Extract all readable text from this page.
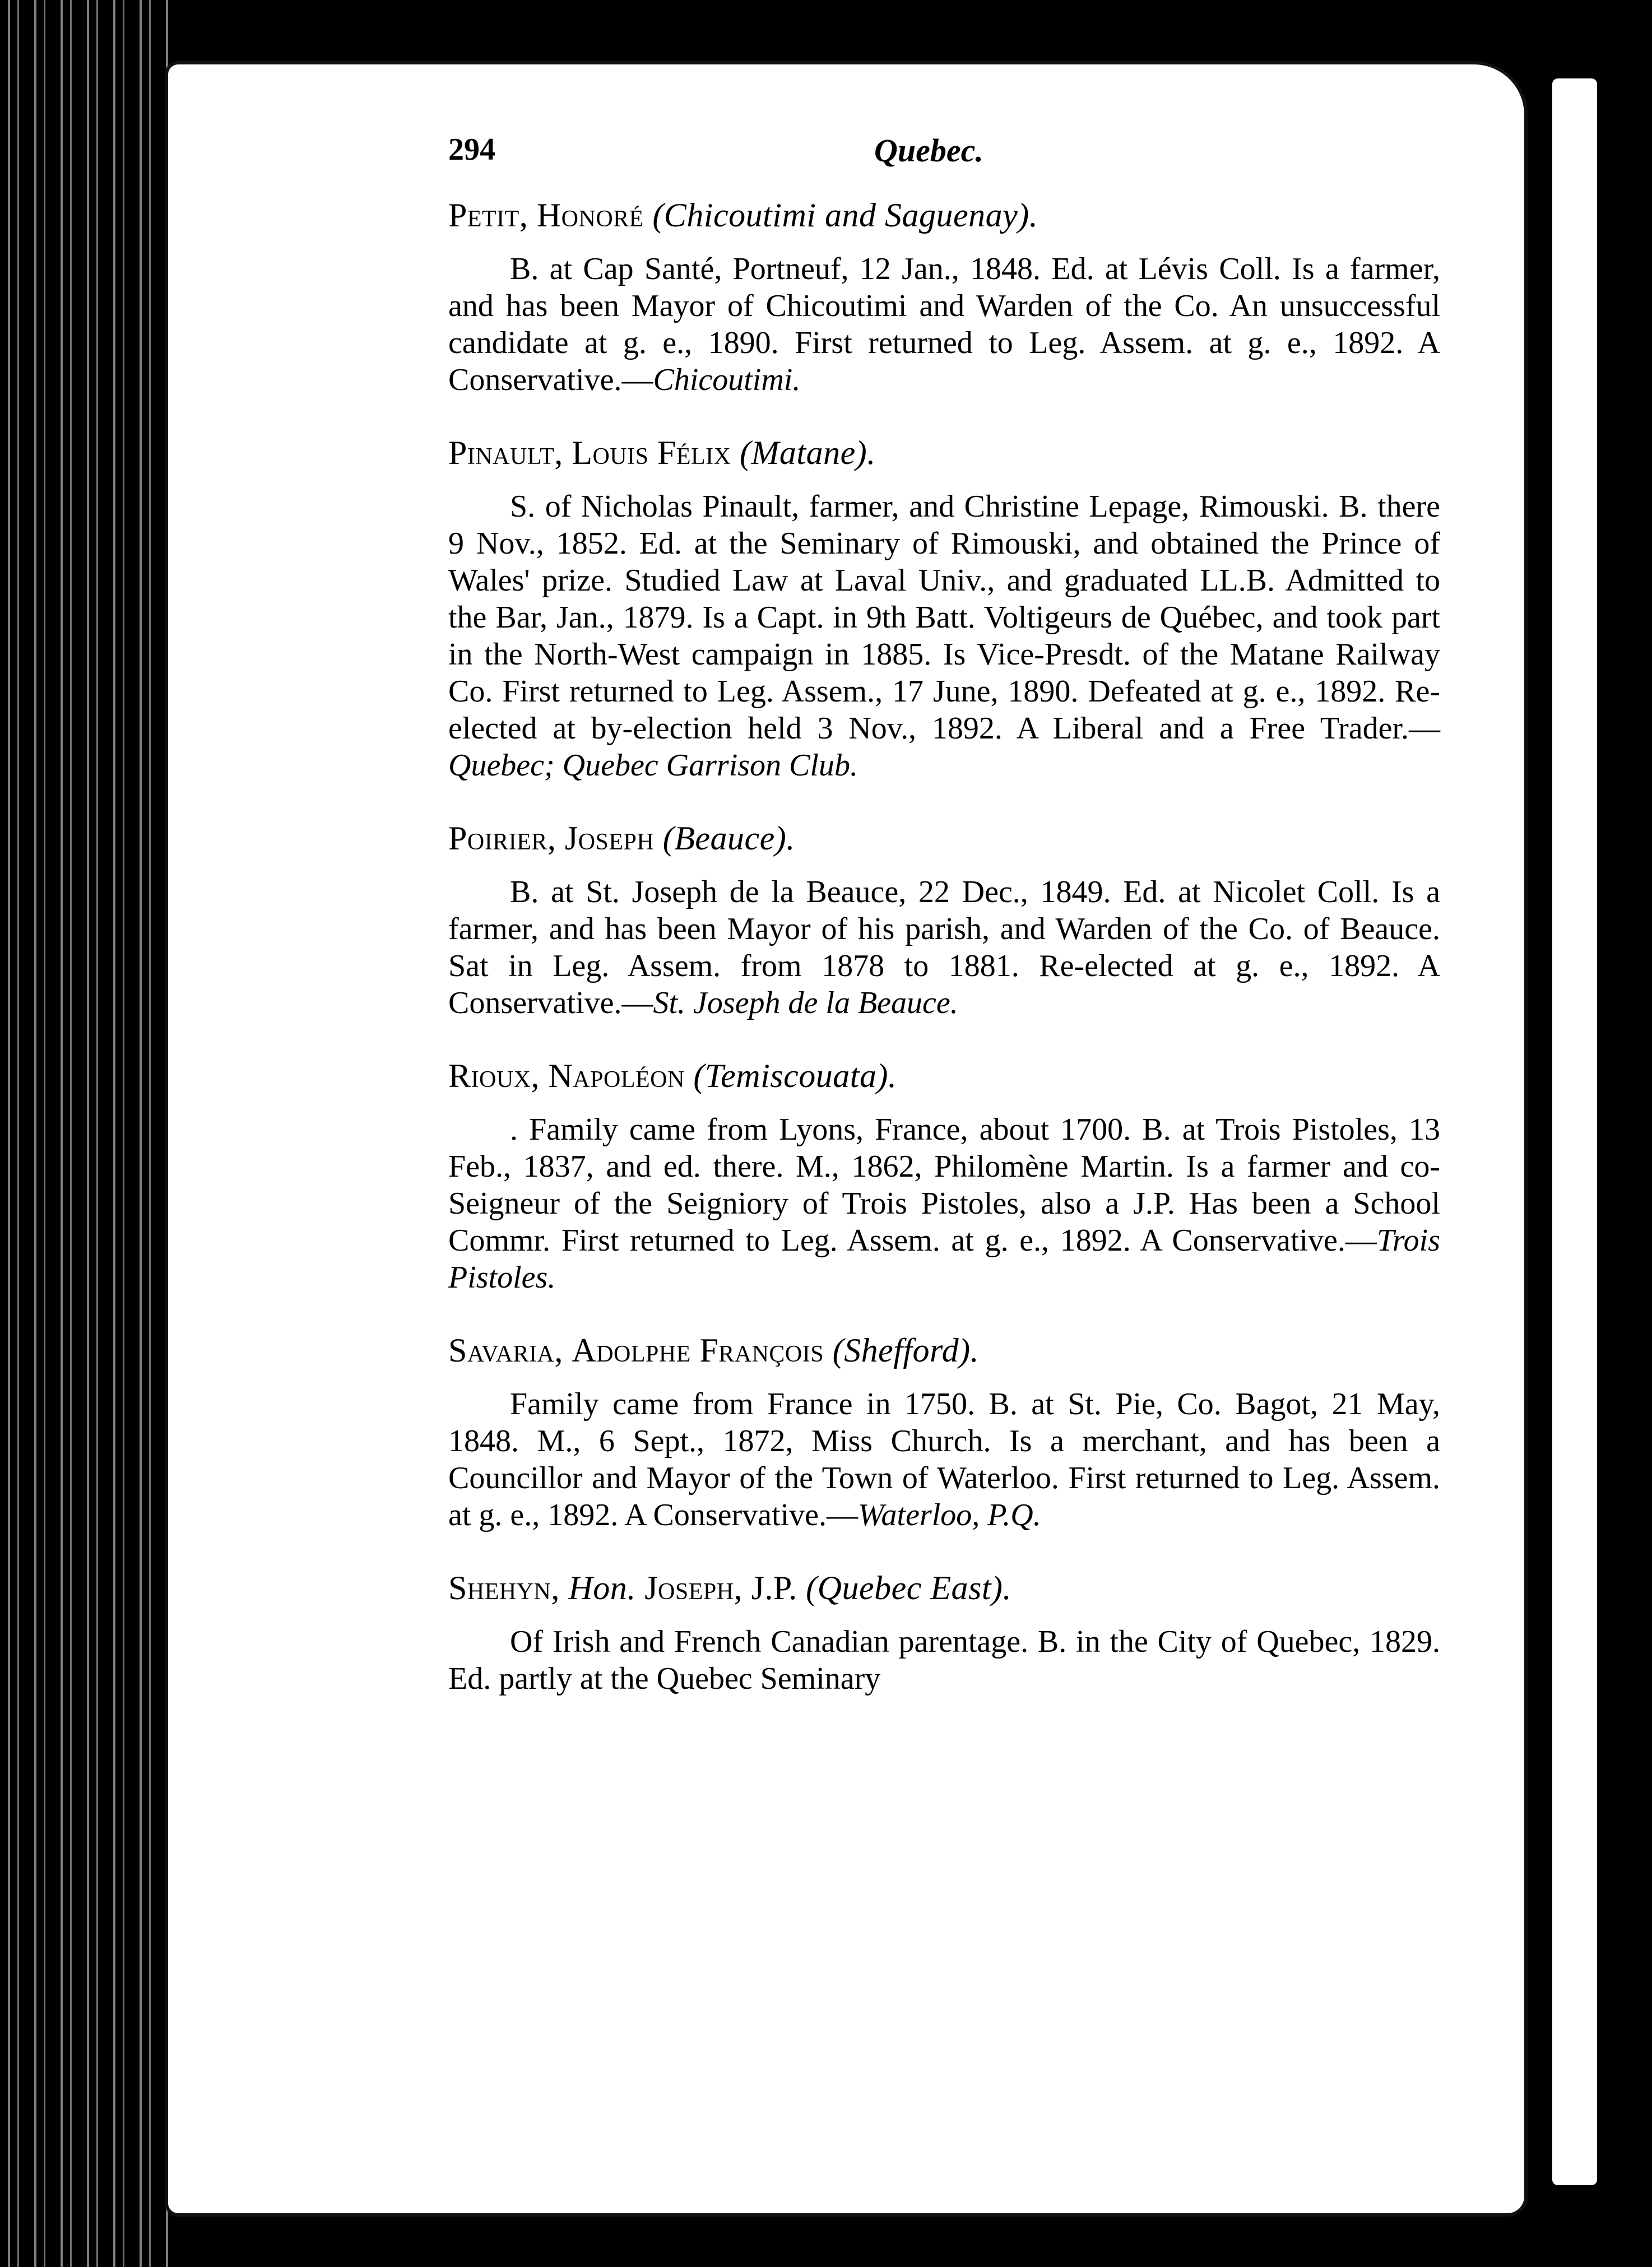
294	Quebec.
Petit, Honoré (Chicoutimi and Saguenay).
B. at Cap Santé, Portneuf, 12 Jan., 1848. Ed. at Lévis Coll. Is a farmer, and has been Mayor of Chicoutimi and Warden of the Co. An unsuccessful candidate at g. e., 1890. First returned to Leg. Assem. at g. e., 1892. A Conservative.—Chicoutimi.
Pinault, Louis Félix (Matane).
S. of Nicholas Pinault, farmer, and Christine Lepage, Rimouski. B. there 9 Nov., 1852. Ed. at the Seminary of Rimouski, and obtained the Prince of Wales' prize. Studied Law at Laval Univ., and graduated LL.B. Admitted to the Bar, Jan., 1879. Is a Capt. in 9th Batt. Voltigeurs de Québec, and took part in the North-West campaign in 1885. Is Vice-Presdt. of the Matane Railway Co. First returned to Leg. Assem., 17 June, 1890. Defeated at g. e., 1892. Re-elected at by-election held 3 Nov., 1892. A Liberal and a Free Trader.—Quebec; Quebec Garrison Club.
Poirier, Joseph (Beauce).
B. at St. Joseph de la Beauce, 22 Dec., 1849. Ed. at Nicolet Coll. Is a farmer, and has been Mayor of his parish, and Warden of the Co. of Beauce. Sat in Leg. Assem. from 1878 to 1881. Re-elected at g. e., 1892. A Conservative.—St. Joseph de la Beauce.
Rioux, Napoléon (Temiscouata).
. Family came from Lyons, France, about 1700. B. at Trois Pistoles, 13 Feb., 1837, and ed. there. M., 1862, Philomène Martin. Is a farmer and co-Seigneur of the Seigniory of Trois Pistoles, also a J.P. Has been a School Commr. First returned to Leg. Assem. at g. e., 1892. A Conservative.—Trois Pistoles.
Savaria, Adolphe François (Shefford).
Family came from France in 1750. B. at St. Pie, Co. Bagot, 21 May, 1848. M., 6 Sept., 1872, Miss Church. Is a merchant, and has been a Councillor and Mayor of the Town of Waterloo. First returned to Leg. Assem. at g. e., 1892. A Conservative.—Waterloo, P.Q.
Shehyn, Hon. Joseph, J.P. (Quebec East).
Of Irish and French Canadian parentage. B. in the City of Quebec, 1829. Ed. partly at the Quebec Seminary
